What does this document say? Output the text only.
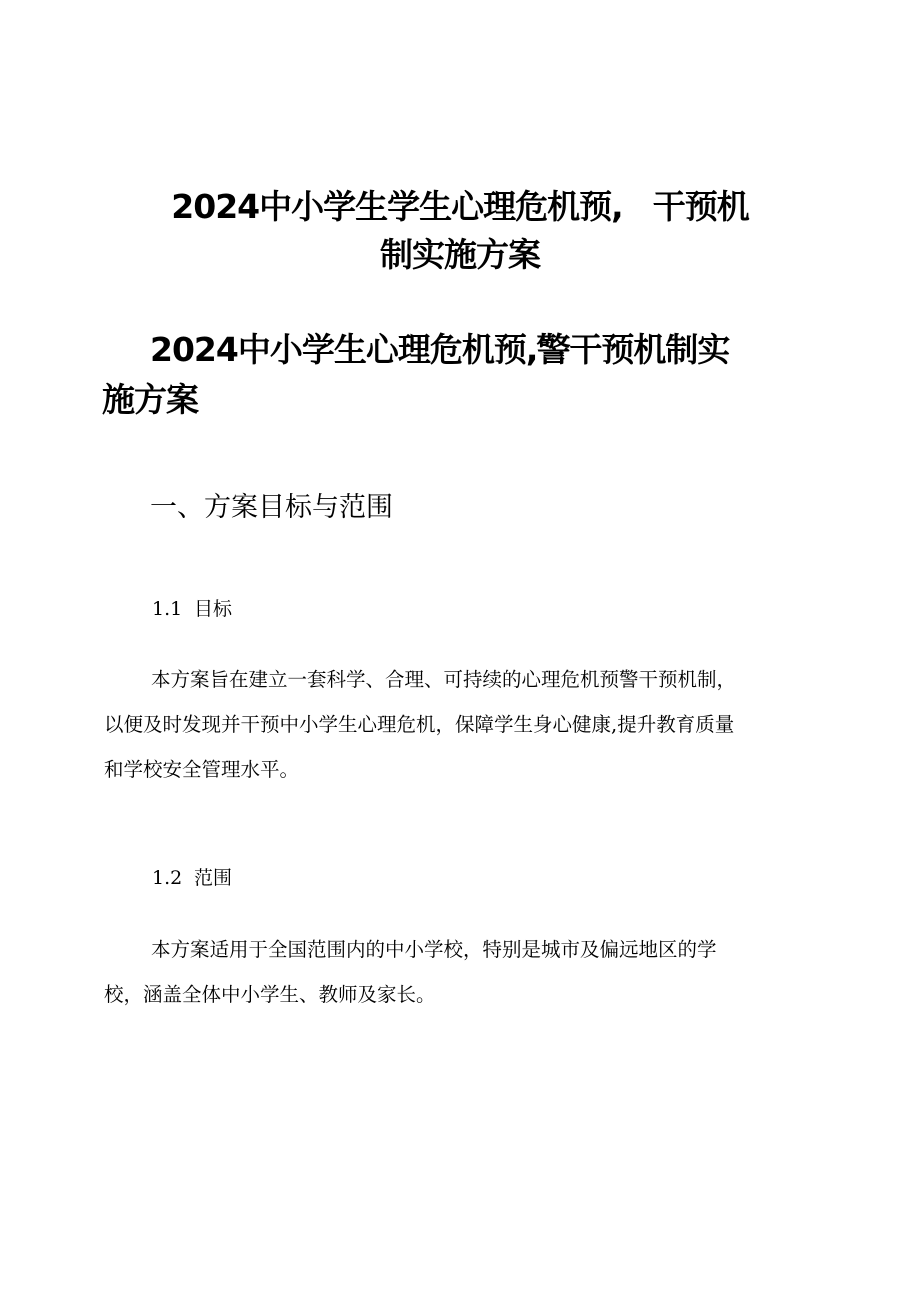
2024中小学生学生心理危机预, 干预机
制实施方案
2024中小学生心理危机预,警干预机制实
施方案
一、方案目标与范围
1.1 目标
本方案旨在建立一套科学、合理、可持续的心理危机预警干预机制，
以便及时发现并干预中小学生心理危机，保障学生身心健康,提升教育质量
和学校安全管理水平。
1.2 范围
本方案适用于全国范围内的中小学校，特别是城市及偏远地区的学
校，涵盖全体中小学生、教师及家长。
